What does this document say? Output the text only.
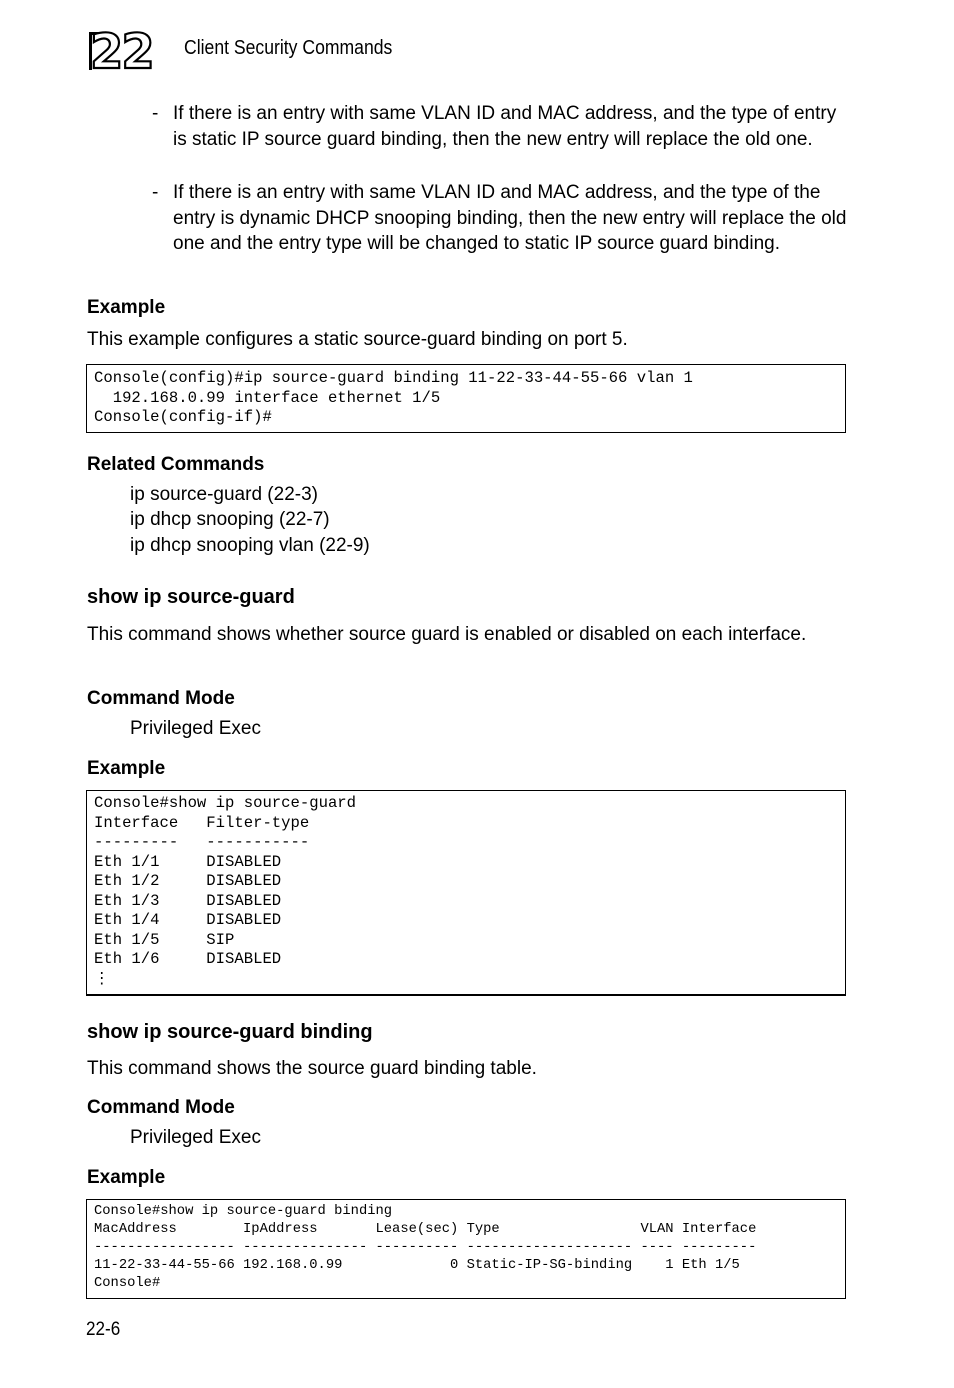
22 Client Security Commands
- If there is an entry with same VLAN ID and MAC address, and the type of entry is static IP source guard binding, then the new entry will replace the old one.
- If there is an entry with same VLAN ID and MAC address, and the type of the entry is dynamic DHCP snooping binding, then the new entry will replace the old one and the entry type will be changed to static IP source guard binding.
Example
This example configures a static source-guard binding on port 5.
Console(config)#ip source-guard binding 11-22-33-44-55-66 vlan 1
192.168.0.99 interface ethernet 1/5
Console(config-if)#
Related Commands
ip source-guard (22-3)
ip dhcp snooping (22-7)
ip dhcp snooping vlan (22-9)
show ip source-guard
This command shows whether source guard is enabled or disabled on each interface.
Command Mode
Privileged Exec
Example
Console#show ip source-guard
Interface   Filter-type
---------   -----------
Eth 1/1     DISABLED
Eth 1/2     DISABLED
Eth 1/3     DISABLED
Eth 1/4     DISABLED
Eth 1/5     SIP
Eth 1/6     DISABLED
⋮
show ip source-guard binding
This command shows the source guard binding table.
Command Mode
Privileged Exec
Example
Console#show ip source-guard binding
MacAddress        IpAddress       Lease(sec) Type                 VLAN Interface
----------------- --------------- ---------- -------------------- ---- ---------
11-22-33-44-55-66 192.168.0.99             0 Static-IP-SG-binding    1 Eth 1/5
Console#
22-6
